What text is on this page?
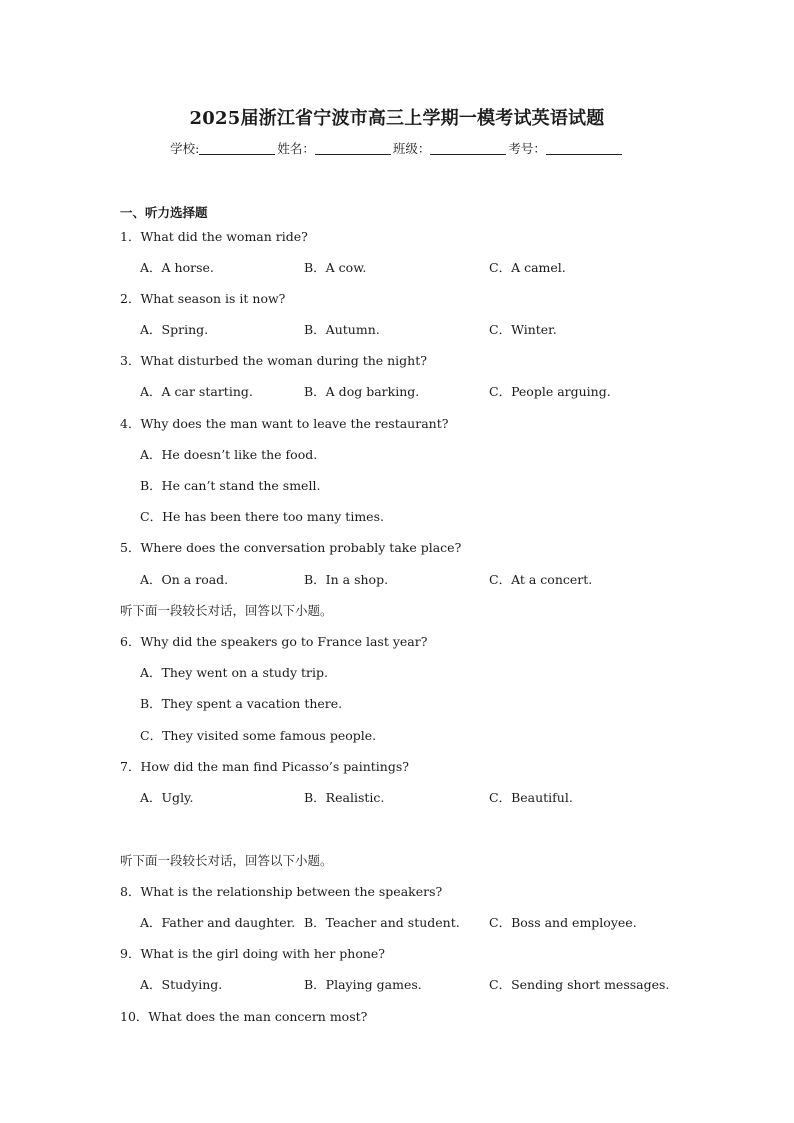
2025届浙江省宁波市高三上学期一模考试英语试题
学校:	姓名：	班级：	考号：
一、听力选择题
1．What did the woman ride?
A．A horse.	B．A cow.	C．A camel.
2．What season is it now?
A．Spring.	B．Autumn.	C．Winter.
3．What disturbed the woman during the night?
A．A car starting.	B．A dog barking.	C．People arguing.
4．Why does the man want to leave the restaurant?
A．He doesn’t like the food.
B．He can’t stand the smell.
C．He has been there too many times.
5．Where does the conversation probably take place?
A．On a road.	B．In a shop.	C．At a concert.
听下面一段较长对话，回答以下小题。
6．Why did the speakers go to France last year?
A．They went on a study trip.
B．They spent a vacation there.
C．They visited some famous people.
7．How did the man find Picasso’s paintings?
A．Ugly.	B．Realistic.	C．Beautiful.
听下面一段较长对话，回答以下小题。
8．What is the relationship between the speakers?
A．Father and daughter. B．Teacher and student. C．Boss and employee.
9．What is the girl doing with her phone?
A．Studying.	B．Playing games.	C．Sending short messages.
10．What does the man concern most?
